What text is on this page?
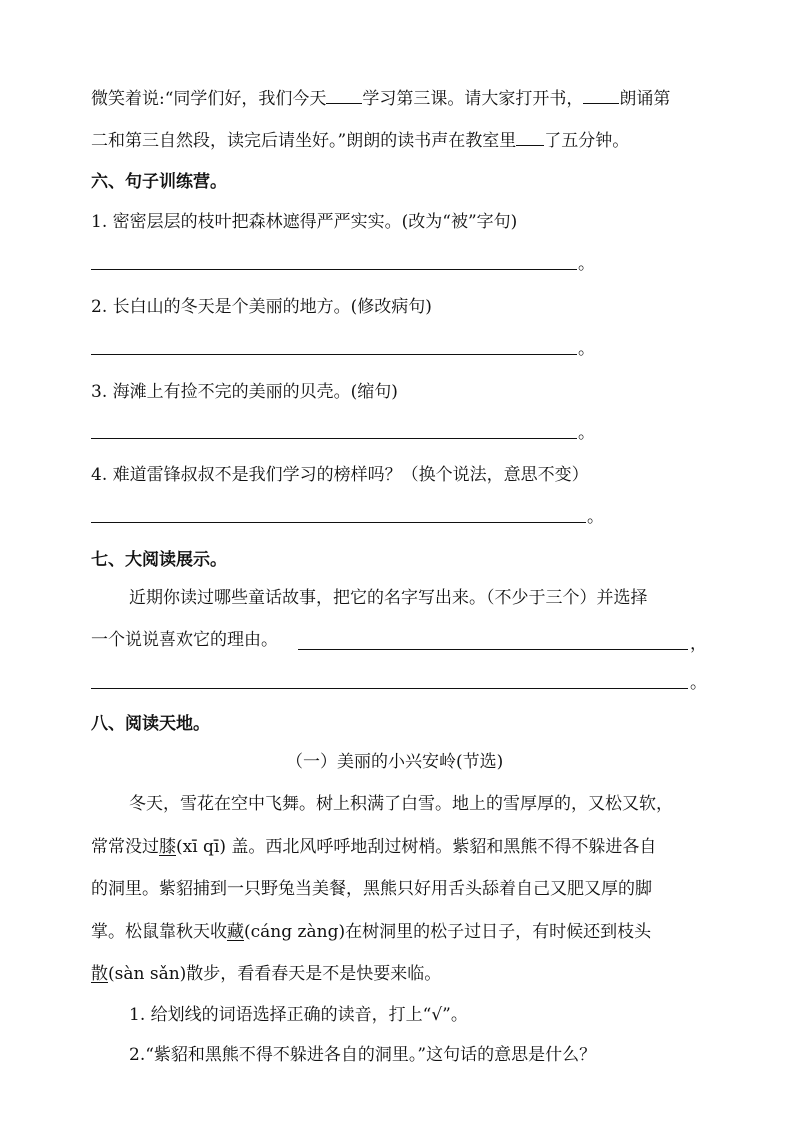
微笑着说:“同学们好，我们今天 学习第三课。请大家打开书， 朗诵第
二和第三自然段，读完后请坐好。”朗朗的读书声在教室里 了五分钟。
六、句子训练营。
1. 密密层层的枝叶把森林遮得严严实实。(改为“被”字句)
。
2. 长白山的冬天是个美丽的地方。(修改病句)
。
3. 海滩上有捡不完的美丽的贝壳。(缩句)
。
4. 难道雷锋叔叔不是我们学习的榜样吗？（换个说法，意思不变）
。
七、大阅读展示。
近期你读过哪些童话故事，把它的名字写出来。（不少于三个）并选择
一个说说喜欢它的理由。	，
。
八、阅读天地。
（一）美丽的小兴安岭(节选)
冬天，雪花在空中飞舞。树上积满了白雪。地上的雪厚厚的，又松又软，
常常没过膝(xī qī) 盖。西北风呼呼地刮过树梢。紫貂和黑熊不得不躲进各自
的洞里。紫貂捕到一只野兔当美餐，黑熊只好用舌头舔着自己又肥又厚的脚
掌。松鼠靠秋天收藏(cáng zàng)在树洞里的松子过日子，有时候还到枝头
散(sàn sǎn)散步，看看春天是不是快要来临。
1. 给划线的词语选择正确的读音，打上“√”。
2.“紫貂和黑熊不得不躲进各自的洞里。”这句话的意思是什么？
